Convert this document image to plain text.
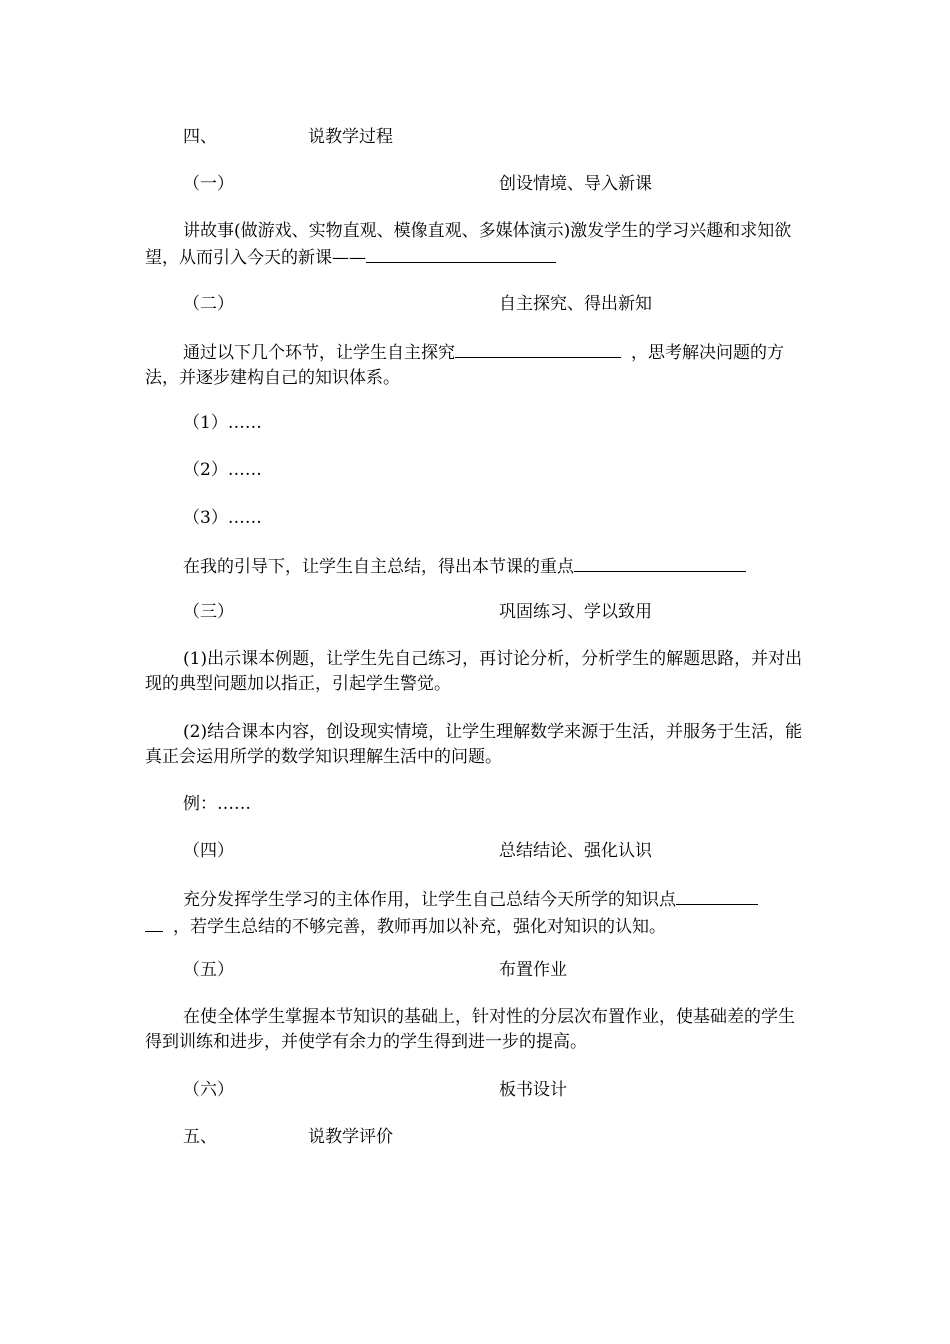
四、	说教学过程
（一）	创设情境、导入新课
讲故事(做游戏、实物直观、模像直观、多媒体演示)激发学生的学习兴趣和求知欲望，从而引入今天的新课——
（二）	自主探究、得出新知
通过以下几个环节，让学生自主探究	，思考解决问题的方法，并逐步建构自己的知识体系。
（1）……
（2）……
（3）……
在我的引导下，让学生自主总结，得出本节课的重点
（三）	巩固练习、学以致用
(1)出示课本例题，让学生先自己练习，再讨论分析，分析学生的解题思路，并对出现的典型问题加以指正，引起学生警觉。
(2)结合课本内容，创设现实情境，让学生理解数学来源于生活，并服务于生活，能真正会运用所学的数学知识理解生活中的问题。
例：……
（四）	总结结论、强化认识
充分发挥学生学习的主体作用，让学生自己总结今天所学的知识点
，若学生总结的不够完善，教师再加以补充，强化对知识的认知。
（五）	布置作业
在使全体学生掌握本节知识的基础上，针对性的分层次布置作业，使基础差的学生得到训练和进步，并使学有余力的学生得到进一步的提高。
（六）	板书设计
五、	说教学评价
